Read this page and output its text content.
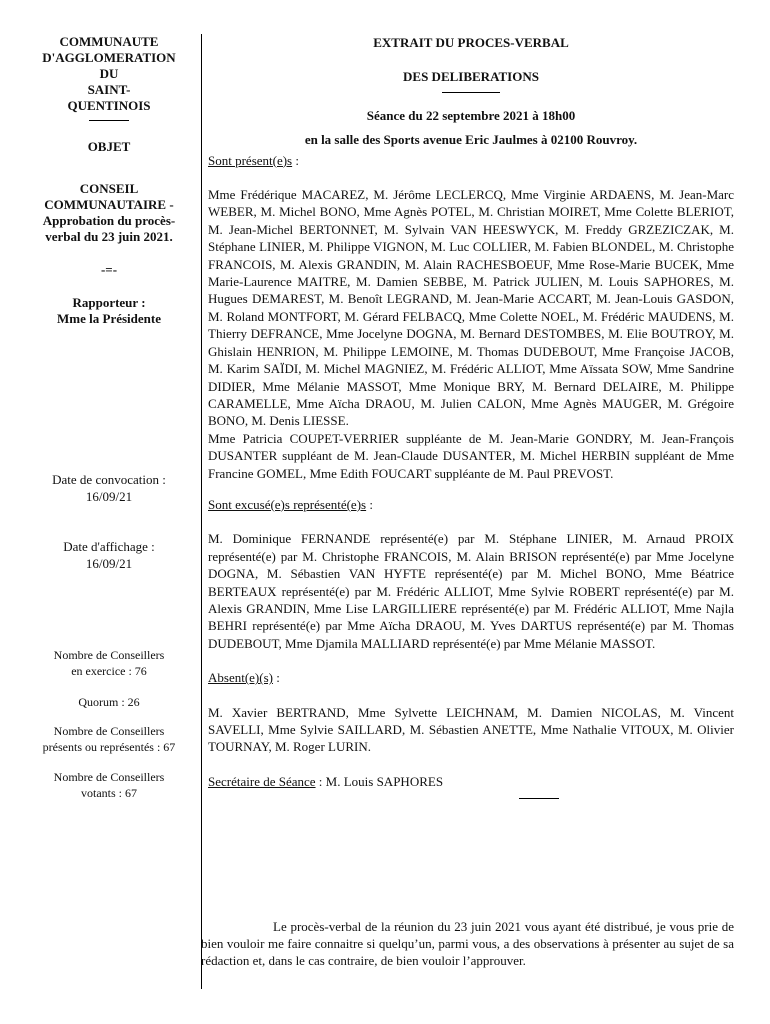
COMMUNAUTE
D'AGGLOMERATION
DU
SAINT-
QUENTINOIS
OBJET
CONSEIL
COMMUNAUTAIRE -
Approbation du procès-
verbal du 23 juin 2021.
-=-
Rapporteur :
Mme la Présidente
Date de convocation :
16/09/21
Date d'affichage :
16/09/21
Nombre de Conseillers
en exercice : 76
Quorum : 26
Nombre de Conseillers
présents ou représentés : 67
Nombre de Conseillers
votants : 67

EXTRAIT DU PROCES-VERBAL

DES DELIBERATIONS

Séance du 22 septembre 2021 à 18h00

en la salle des Sports avenue Eric Jaulmes à 02100 Rouvroy.

Sont présent(e)s :

Mme Frédérique MACAREZ, M. Jérôme LECLERCQ, Mme Virginie ARDAENS, M. Jean-Marc WEBER, M. Michel BONO, Mme Agnès POTEL, M. Christian MOIRET, Mme Colette BLERIOT, M. Jean-Michel BERTONNET, M. Sylvain VAN HEESWYCK, M. Freddy GRZEZICZAK, M. Stéphane LINIER, M. Philippe VIGNON, M. Luc COLLIER, M. Fabien BLONDEL, M. Christophe FRANCOIS, M. Alexis GRANDIN, M. Alain RACHESBOEUF, Mme Rose-Marie BUCEK, Mme Marie-Laurence MAITRE, M. Damien SEBBE, M. Patrick JULIEN, M. Louis SAPHORES, M. Hugues DEMAREST, M. Benoît LEGRAND, M. Jean-Marie ACCART, M. Jean-Louis GASDON, M. Roland MONTFORT, M. Gérard FELBACQ, Mme Colette NOEL, M. Frédéric MAUDENS, M. Thierry DEFRANCE, Mme Jocelyne DOGNA, M. Bernard DESTOMBES, M. Elie BOUTROY, M. Ghislain HENRION, M. Philippe LEMOINE, M. Thomas DUDEBOUT, Mme Françoise JACOB, M. Karim SAÏDI, M. Michel MAGNIEZ, M. Frédéric ALLIOT, Mme Aïssata SOW, Mme Sandrine DIDIER, Mme Mélanie MASSOT, Mme Monique BRY, M. Bernard DELAIRE, M. Philippe CARAMELLE, Mme Aïcha DRAOU, M. Julien CALON, Mme Agnès MAUGER, M. Grégoire BONO, M. Denis LIESSE.

Mme Patricia COUPET-VERRIER suppléante de M. Jean-Marie GONDRY, M. Jean-François DUSANTER suppléant de M. Jean-Claude DUSANTER, M. Michel HERBIN suppléant de Mme Francine GOMEL, Mme Edith FOUCART suppléante de M. Paul PREVOST.

Sont excusé(e)s représenté(e)s :

M. Dominique FERNANDE représenté(e) par M. Stéphane LINIER, M. Arnaud PROIX représenté(e) par M. Christophe FRANCOIS, M. Alain BRISON représenté(e) par Mme Jocelyne DOGNA, M. Sébastien VAN HYFTE représenté(e) par M. Michel BONO, Mme Béatrice BERTEAUX représenté(e) par M. Frédéric ALLIOT, Mme Sylvie ROBERT représenté(e) par M. Alexis GRANDIN, Mme Lise LARGILLIERE représenté(e) par M. Frédéric ALLIOT, Mme Najla BEHRI représenté(e) par Mme Aïcha DRAOU, M. Yves DARTUS représenté(e) par M. Thomas DUDEBOUT, Mme Djamila MALLIARD représenté(e) par Mme Mélanie MASSOT.

Absent(e)(s) :

M. Xavier BERTRAND, Mme Sylvette LEICHNAM, M. Damien NICOLAS, M. Vincent SAVELLI, Mme Sylvie SAILLARD, M. Sébastien ANETTE, Mme Nathalie VITOUX, M. Olivier TOURNAY, M. Roger LURIN.

Secrétaire de Séance : M. Louis SAPHORES

Le procès-verbal de la réunion du 23 juin 2021 vous ayant été distribué, je vous prie de bien vouloir me faire connaitre si quelqu’un, parmi vous, a des observations à présenter au sujet de sa rédaction et, dans le cas contraire, de bien vouloir l’approuver.
